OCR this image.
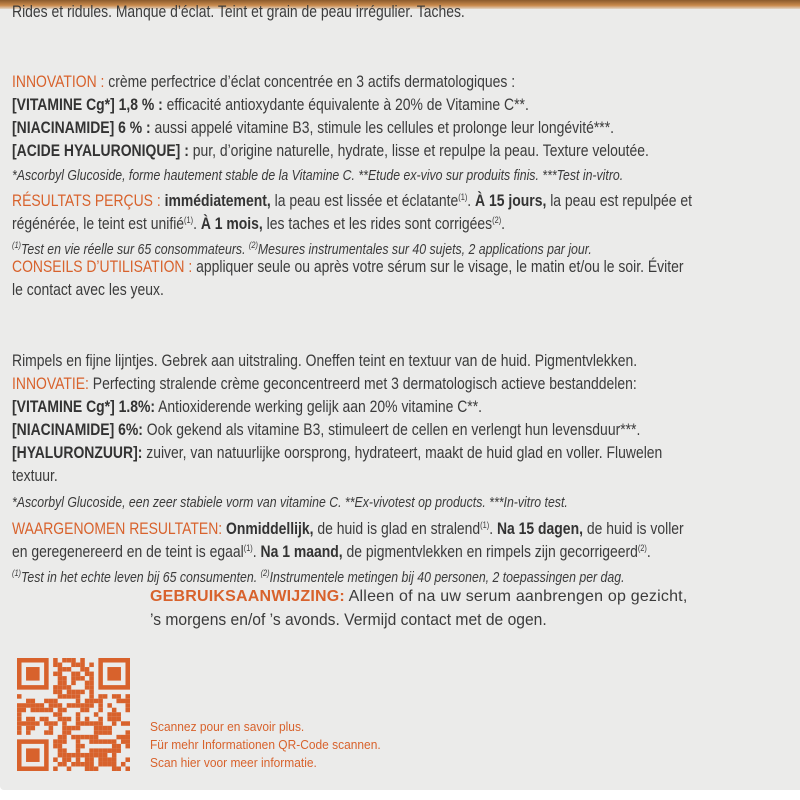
Rides et ridules. Manque d’éclat. Teint et grain de peau irrégulier. Taches.
INNOVATION : crème perfectrice d’éclat concentrée en 3 actifs dermatologiques :
[VITAMINE Cg*] 1,8 % : efficacité antioxydante équivalente à 20% de Vitamine C**.
[NIACINAMIDE] 6 % : aussi appelé vitamine B3, stimule les cellules et prolonge leur longévité***.
[ACIDE HYALURONIQUE] : pur, d’origine naturelle, hydrate, lisse et repulpe la peau. Texture veloutée.
*Ascorbyl Glucoside, forme hautement stable de la Vitamine C. **Etude ex-vivo sur produits finis. ***Test in-vitro.
RÉSULTATS PERÇUS : immédiatement, la peau est lissée et éclatante$^{(1)}$. À 15 jours, la peau est repulpée et
régénérée, le teint est unifié$^{(1)}$. À 1 mois, les taches et les rides sont corrigées$^{(2)}$.
$^{(1)}$Test en vie réelle sur 65 consommateurs. $^{(2)}$Mesures instrumentales sur 40 sujets, 2 applications par jour.
CONSEILS D’UTILISATION : appliquer seule ou après votre sérum sur le visage, le matin et/ou le soir. Éviter
le contact avec les yeux.
Rimpels en fijne lijntjes. Gebrek aan uitstraling. Oneffen teint en textuur van de huid. Pigmentvlekken.
INNOVATIE: Perfecting stralende crème geconcentreerd met 3 dermatologisch actieve bestanddelen:
[VITAMINE Cg*] 1.8%: Antioxiderende werking gelijk aan 20% vitamine C**.
[NIACINAMIDE] 6%: Ook gekend als vitamine B3, stimuleert de cellen en verlengt hun levensduur***.
[HYALURONZUUR]: zuiver, van natuurlijke oorsprong, hydrateert, maakt de huid glad en voller. Fluwelen
textuur.
*Ascorbyl Glucoside, een zeer stabiele vorm van vitamine C. **Ex-vivotest op products. ***In-vitro test.
WAARGENOMEN RESULTATEN: Onmiddellijk, de huid is glad en stralend$^{(1)}$. Na 15 dagen, de huid is voller
en geregenereerd en de teint is egaal$^{(1)}$. Na 1 maand, de pigmentvlekken en rimpels zijn gecorrigeerd$^{(2)}$.
$^{(1)}$Test in het echte leven bij 65 consumenten. $^{(2)}$Instrumentele metingen bij 40 personen, 2 toepassingen per dag.
GEBRUIKSAANWIJZING: Alleen of na uw serum aanbrengen op gezicht,
’s morgens en/of ’s avonds. Vermijd contact met de ogen.
Scannez pour en savoir plus.
Für mehr Informationen QR-Code scannen.
Scan hier voor meer informatie.
